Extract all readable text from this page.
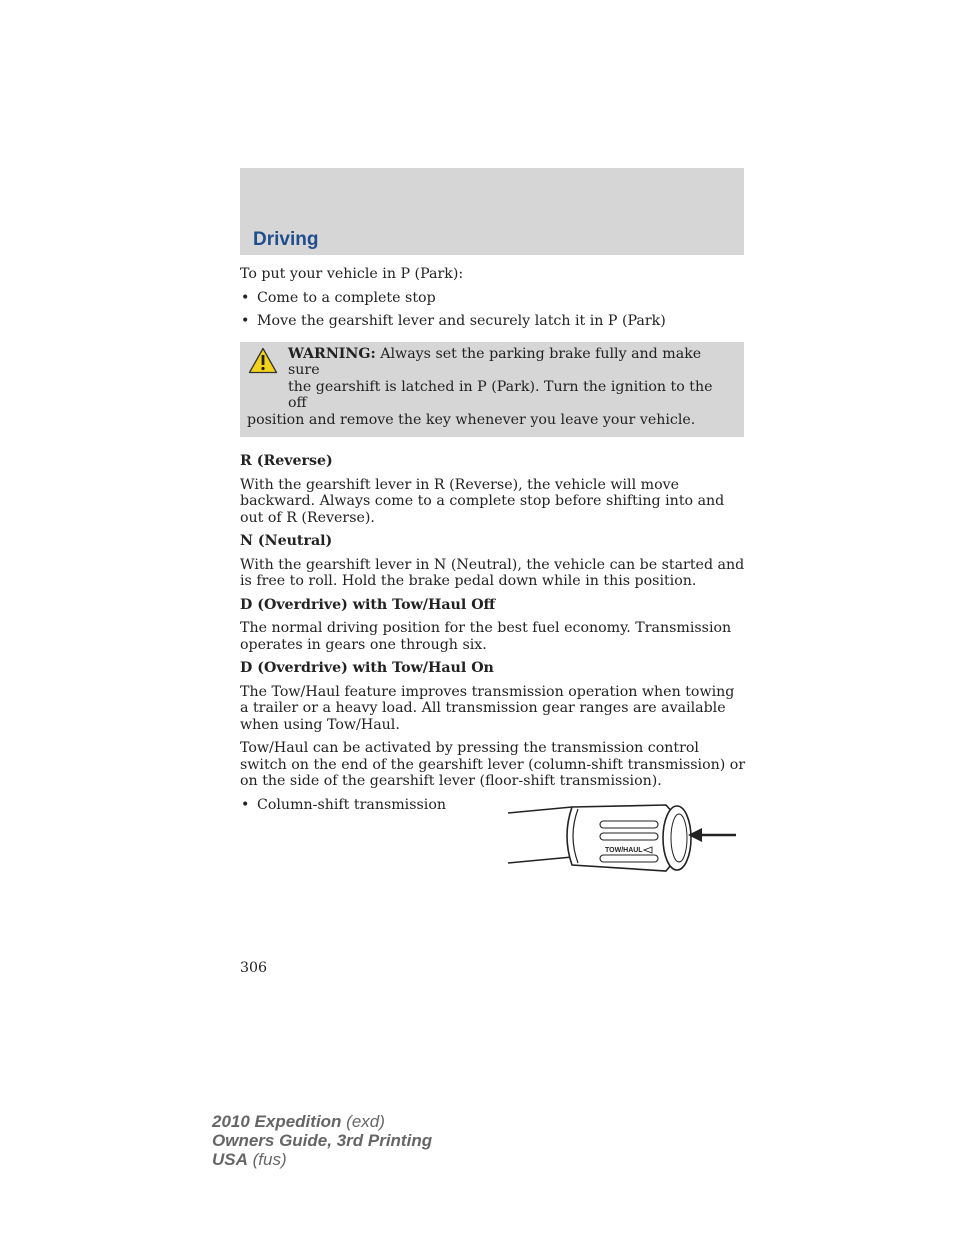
Driving

To put your vehicle in P (Park):

• Come to a complete stop
• Move the gearshift lever and securely latch it in P (Park)
WARNING: Always set the parking brake fully and make sure
the gearshift is latched in P (Park). Turn the ignition to the off
position and remove the key whenever you leave your vehicle.
R (Reverse)

With the gearshift lever in R (Reverse), the vehicle will move backward. Always come to a complete stop before shifting into and out of R (Reverse).

N (Neutral)

With the gearshift lever in N (Neutral), the vehicle can be started and is free to roll. Hold the brake pedal down while in this position.

D (Overdrive) with Tow/Haul Off

The normal driving position for the best fuel economy. Transmission operates in gears one through six.

D (Overdrive) with Tow/Haul On

The Tow/Haul feature improves transmission operation when towing a trailer or a heavy load. All transmission gear ranges are available when using Tow/Haul.

Tow/Haul can be activated by pressing the transmission control switch on the end of the gearshift lever (column-shift transmission) or on the side of the gearshift lever (floor-shift transmission).

• Column-shift transmission
TOW/HAUL
306
2010 Expedition (exd)
Owners Guide, 3rd Printing
USA (fus)
